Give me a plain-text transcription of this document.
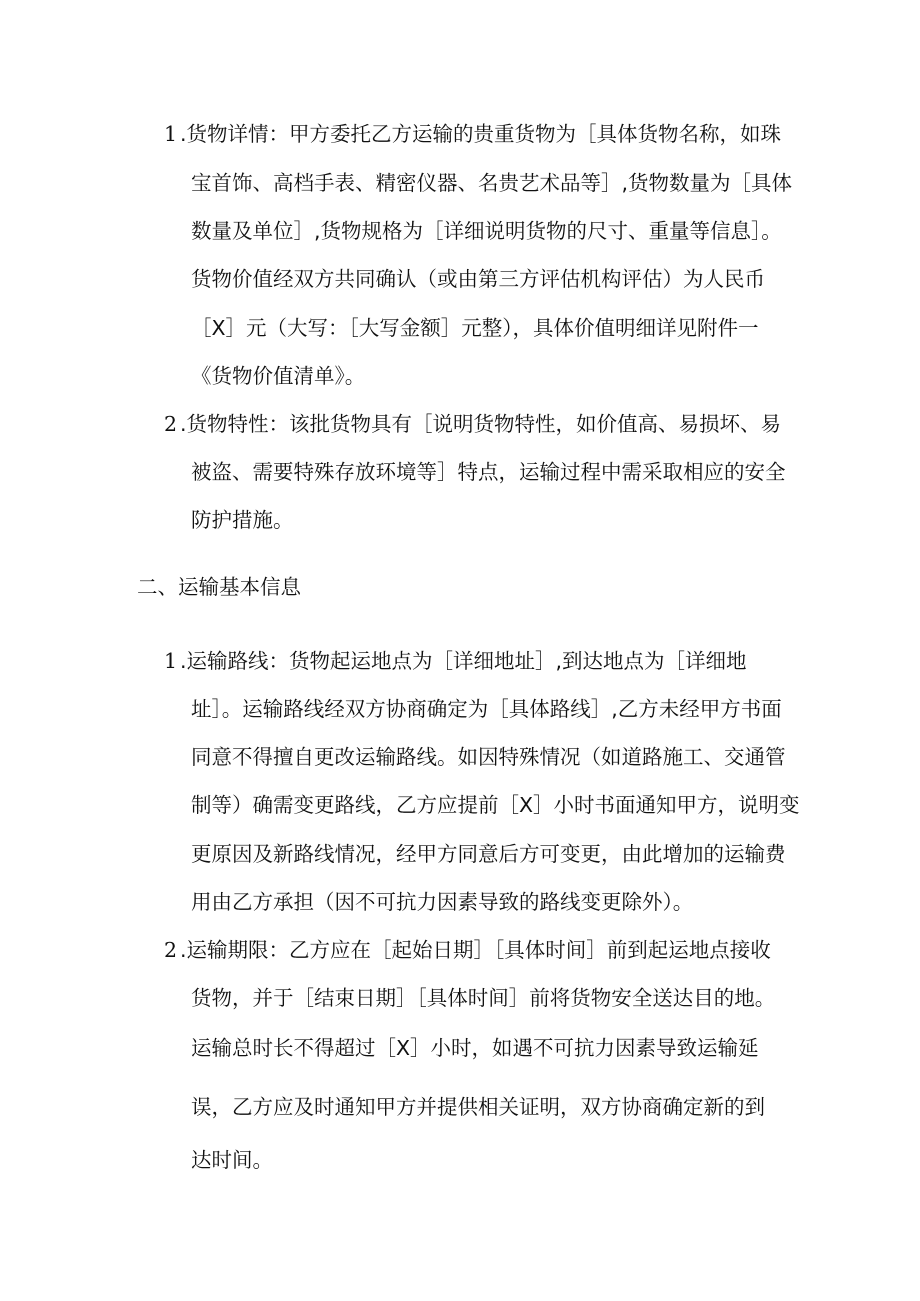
1 .货物详情：甲方委托乙方运输的贵重货物为［具体货物名称，如珠
宝首饰、高档手表、精密仪器、名贵艺术品等］,货物数量为［具体
数量及单位］,货物规格为［详细说明货物的尺寸、重量等信息］。
货物价值经双方共同确认（或由第三方评估机构评估）为人民币
［X］元（大写：［大写金额］元整），具体价值明细详见附件一
《货物价值清单》。
2 .货物特性：该批货物具有［说明货物特性，如价值高、易损坏、易
被盗、需要特殊存放环境等］特点，运输过程中需采取相应的安全
防护措施。
二、运输基本信息
1 .运输路线：货物起运地点为［详细地址］,到达地点为［详细地
址］。运输路线经双方协商确定为［具体路线］,乙方未经甲方书面
同意不得擅自更改运输路线。如因特殊情况（如道路施工、交通管
制等）确需变更路线，乙方应提前［X］小时书面通知甲方，说明变
更原因及新路线情况，经甲方同意后方可变更，由此增加的运输费
用由乙方承担（因不可抗力因素导致的路线变更除外）。
2 .运输期限：乙方应在［起始日期］［具体时间］前到起运地点接收
货物，并于［结束日期］［具体时间］前将货物安全送达目的地。
运输总时长不得超过［X］小时，如遇不可抗力因素导致运输延
误，乙方应及时通知甲方并提供相关证明，双方协商确定新的到
达时间。
